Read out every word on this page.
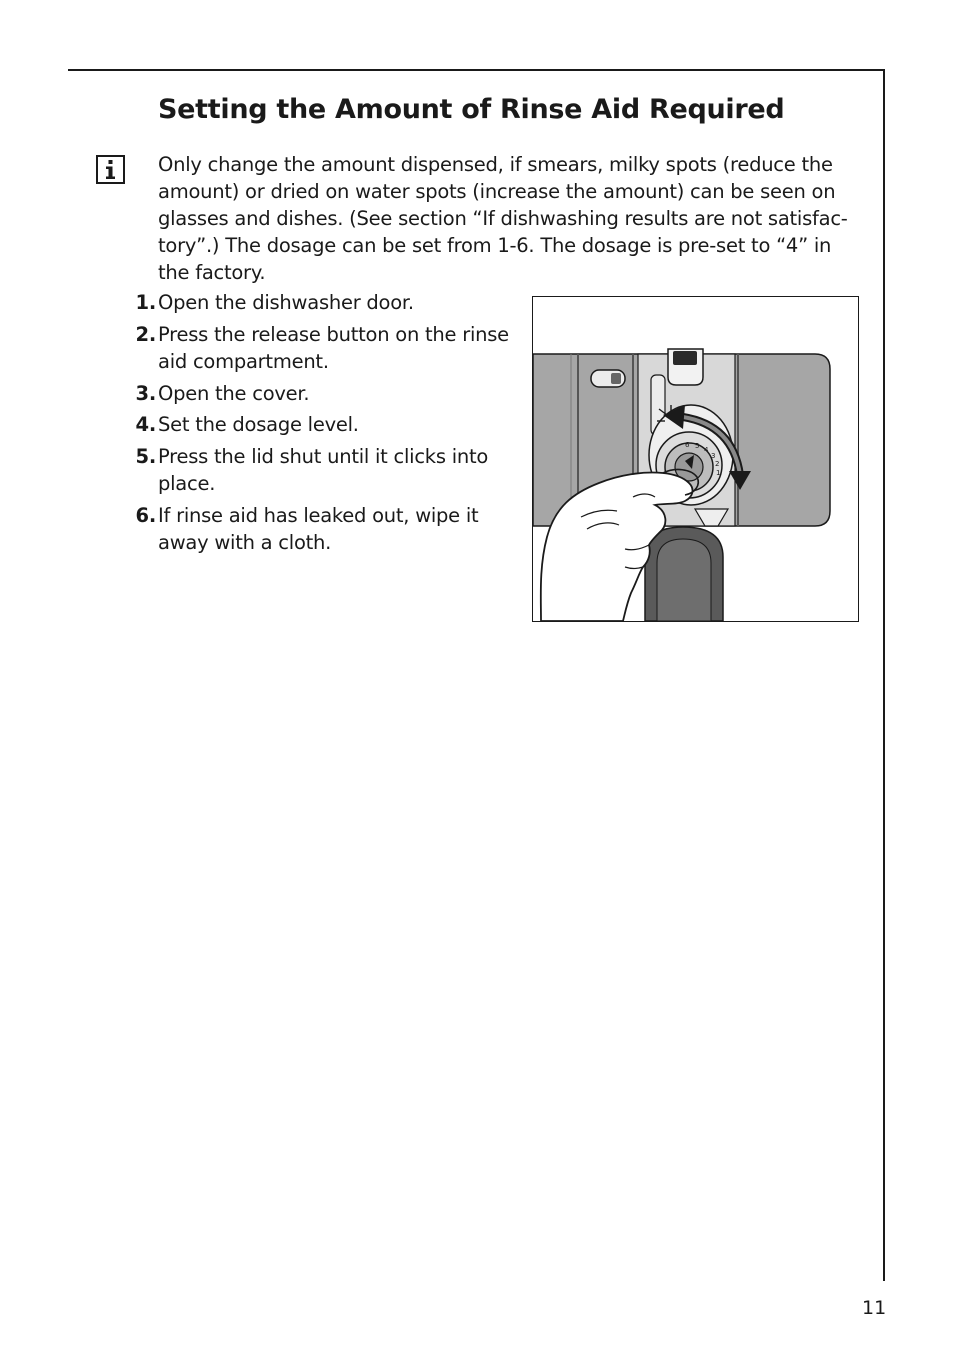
Setting the Amount of Rinse Aid Required

Only change the amount dispensed, if smears, milky spots (reduce the amount) or dried on water spots (increase the amount) can be seen on glasses and dishes. (See section “If dishwashing results are not satisfac-tory”.) The dosage can be set from 1-6. The dosage is pre-set to “4” in the factory.

1. Open the dishwasher door.
2. Press the release button on the rinse aid compartment.
3. Open the cover.
4. Set the dosage level.
5. Press the lid shut until it clicks into place.
6. If rinse aid has leaked out, wipe it away with a cloth.
6 5 4
3
2
1
11
